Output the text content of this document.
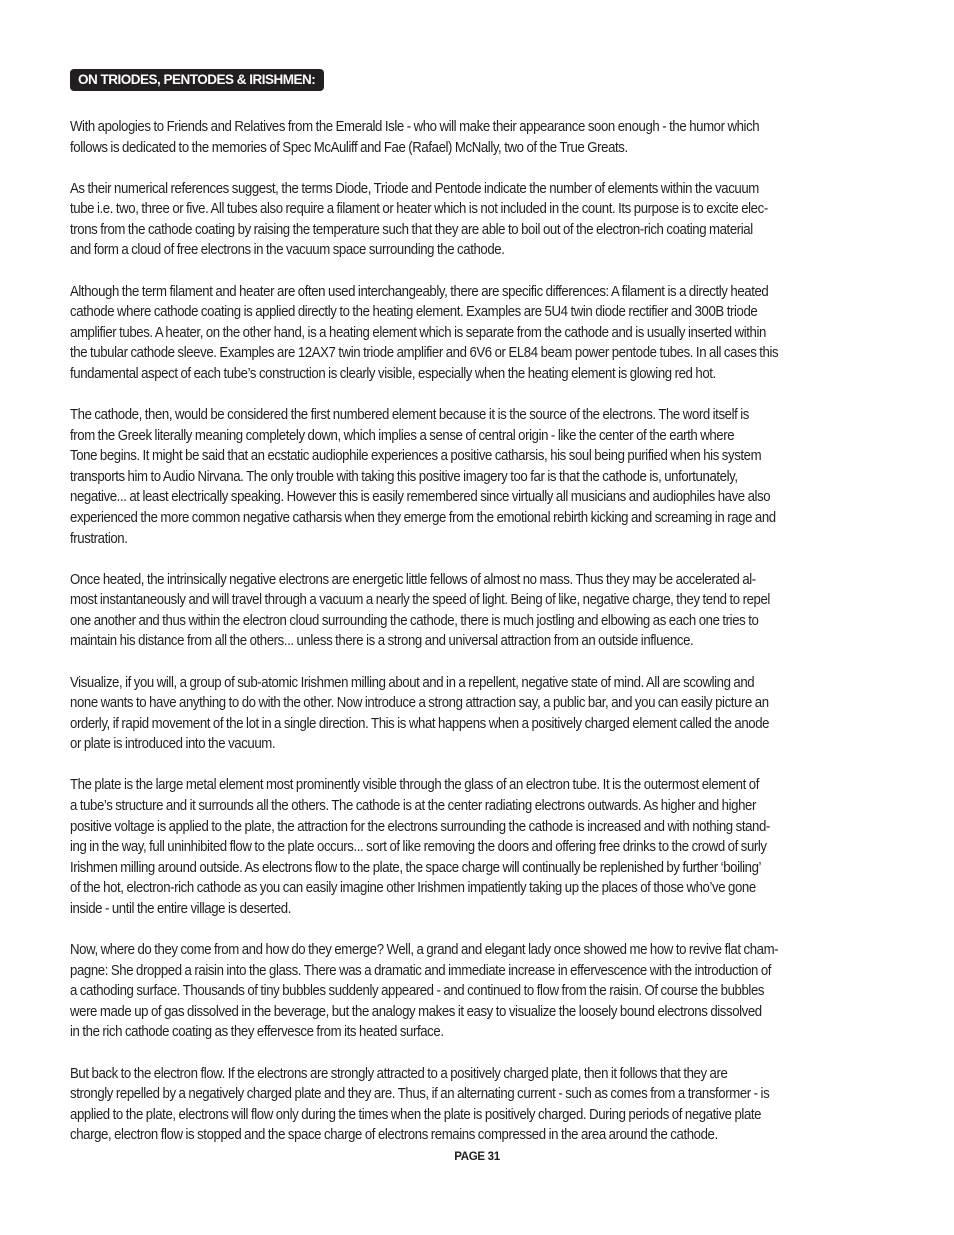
ON TRIODES, PENTODES & IRISHMEN:
With apologies to Friends and Relatives from the Emerald Isle - who will make their appearance soon enough - the humor which
follows is dedicated to the memories of Spec McAuliff and Fae (Rafael) McNally, two of the True Greats.
As their numerical references suggest, the terms Diode, Triode and Pentode indicate the number of elements within the vacuum
tube i.e. two, three or five. All tubes also require a filament or heater which is not included in the count. Its purpose is to excite elec-
trons from the cathode coating by raising the temperature such that they are able to boil out of the electron-rich coating material
and form a cloud of free electrons in the vacuum space surrounding the cathode.
Although the term filament and heater are often used interchangeably, there are specific differences: A filament is a directly heated
cathode where cathode coating is applied directly to the heating element. Examples are 5U4 twin diode rectifier and 300B triode
amplifier tubes. A heater, on the other hand, is a heating element which is separate from the cathode and is usually inserted within
the tubular cathode sleeve. Examples are 12AX7 twin triode amplifier and 6V6 or EL84 beam power pentode tubes. In all cases this
fundamental aspect of each tube’s construction is clearly visible, especially when the heating element is glowing red hot.
The cathode, then, would be considered the first numbered element because it is the source of the electrons. The word itself is
from the Greek literally meaning completely down, which implies a sense of central origin - like the center of the earth where
Tone begins. It might be said that an ecstatic audiophile experiences a positive catharsis, his soul being purified when his system
transports him to Audio Nirvana. The only trouble with taking this positive imagery too far is that the cathode is, unfortunately,
negative... at least electrically speaking. However this is easily remembered since virtually all musicians and audiophiles have also
experienced the more common negative catharsis when they emerge from the emotional rebirth kicking and screaming in rage and
frustration.
Once heated, the intrinsically negative electrons are energetic little fellows of almost no mass. Thus they may be accelerated al-
most instantaneously and will travel through a vacuum a nearly the speed of light. Being of like, negative charge, they tend to repel
one another and thus within the electron cloud surrounding the cathode, there is much jostling and elbowing as each one tries to
maintain his distance from all the others... unless there is a strong and universal attraction from an outside influence.
Visualize, if you will, a group of sub-atomic Irishmen milling about and in a repellent, negative state of mind. All are scowling and
none wants to have anything to do with the other. Now introduce a strong attraction say, a public bar, and you can easily picture an
orderly, if rapid movement of the lot in a single direction. This is what happens when a positively charged element called the anode
or plate is introduced into the vacuum.
The plate is the large metal element most prominently visible through the glass of an electron tube. It is the outermost element of
a tube’s structure and it surrounds all the others. The cathode is at the center radiating electrons outwards. As higher and higher
positive voltage is applied to the plate, the attraction for the electrons surrounding the cathode is increased and with nothing stand-
ing in the way, full uninhibited flow to the plate occurs... sort of like removing the doors and offering free drinks to the crowd of surly
Irishmen milling around outside. As electrons flow to the plate, the space charge will continually be replenished by further ‘boiling’
of the hot, electron-rich cathode as you can easily imagine other Irishmen impatiently taking up the places of those who’ve gone
inside - until the entire village is deserted.
Now, where do they come from and how do they emerge? Well, a grand and elegant lady once showed me how to revive flat cham-
pagne: She dropped a raisin into the glass. There was a dramatic and immediate increase in effervescence with the introduction of
a cathoding surface. Thousands of tiny bubbles suddenly appeared - and continued to flow from the raisin. Of course the bubbles
were made up of gas dissolved in the beverage, but the analogy makes it easy to visualize the loosely bound electrons dissolved
in the rich cathode coating as they effervesce from its heated surface.
But back to the electron flow. If the electrons are strongly attracted to a positively charged plate, then it follows that they are
strongly repelled by a negatively charged plate and they are. Thus, if an alternating current - such as comes from a transformer - is
applied to the plate, electrons will flow only during the times when the plate is positively charged. During periods of negative plate
charge, electron flow is stopped and the space charge of electrons remains compressed in the area around the cathode.
PAGE 31
